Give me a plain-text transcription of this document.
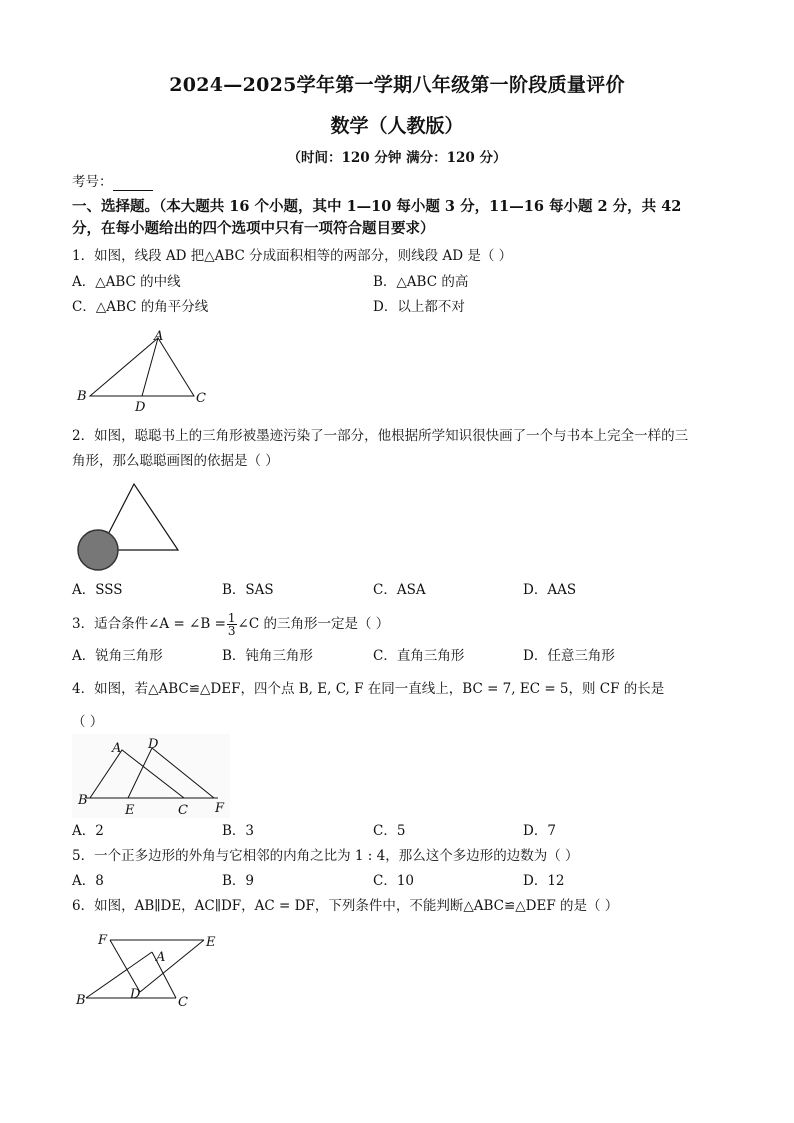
2024—2025学年第一学期八年级第一阶段质量评价
数学（人教版）
（时间：120 分钟 满分：120 分）
考号：
一、选择题。（本大题共 16 个小题，其中 1—10 每小题 3 分，11—16 每小题 2 分，共 42
分，在每小题给出的四个选项中只有一项符合题目要求）
1．如图，线段 AD 把△ABC 分成面积相等的两部分，则线段 AD 是（ ）
A．△ABC 的中线	B．△ABC 的高
C．△ABC 的角平分线	D．以上都不对
A
B
D
C
2．如图，聪聪书上的三角形被墨迹污染了一部分，他根据所学知识很快画了一个与书本上完全一样的三
角形，那么聪聪画图的依据是（ ）
A．SSS	B．SAS	C．ASA	D．AAS
3．适合条件∠A = ∠B = $\frac{1}{3}$ ∠C 的三角形一定是（ ）
A．锐角三角形	B．钝角三角形	C．直角三角形	D．任意三角形
4．如图，若△ABC≌△DEF，四个点 B, E, C, F 在同一直线上，BC = 7, EC = 5，则 CF 的长是
（ ）
A D
B
E	C F
A．2	B．3	C．5	D．7
5．一个正多边形的外角与它相邻的内角之比为 1 : 4，那么这个多边形的边数为（ ）
A．8	B．9	C．10	D．12
6．如图，AB∥DE，AC∥DF，AC = DF，下列条件中，不能判断△ABC≌△DEF 的是（ ）
F	E
A
D
B	C
